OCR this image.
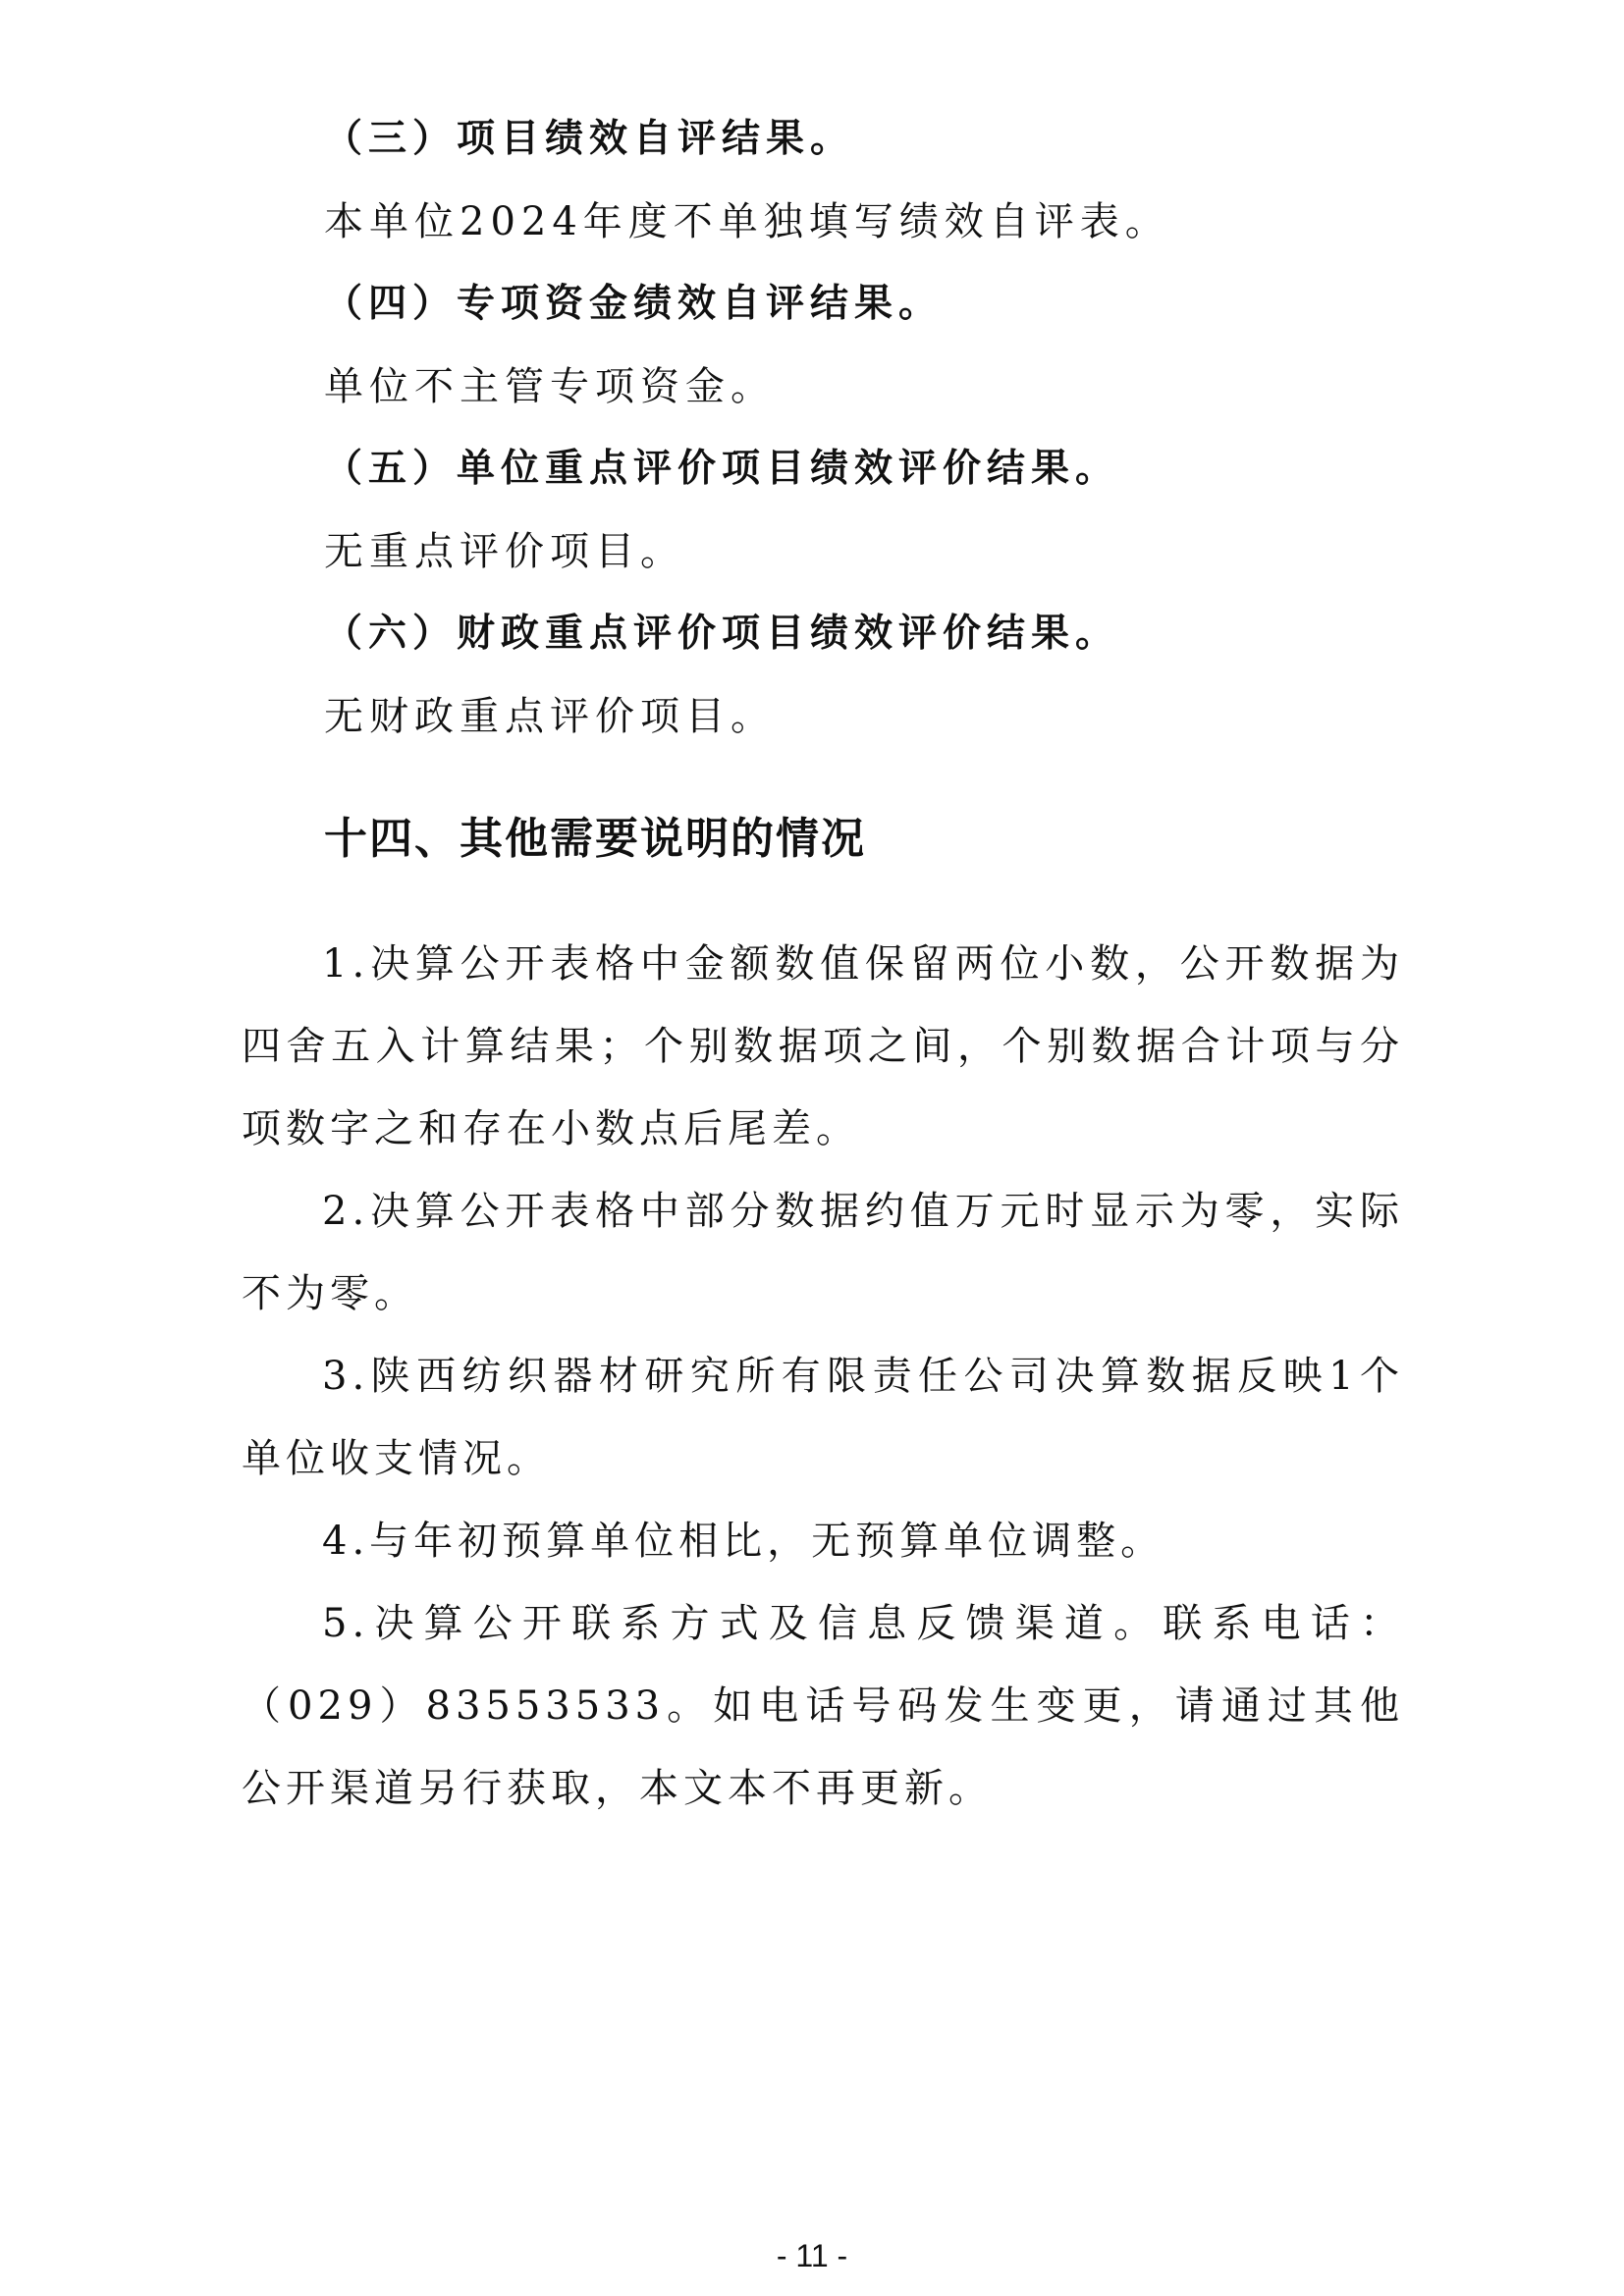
（三）项目绩效自评结果。
本单位2024年度不单独填写绩效自评表。
（四）专项资金绩效自评结果。
单位不主管专项资金。
（五）单位重点评价项目绩效评价结果。
无重点评价项目。
（六）财政重点评价项目绩效评价结果。
无财政重点评价项目。
十四、其他需要说明的情况
1.决算公开表格中金额数值保留两位小数，公开数据为四舍五入计算结果；个别数据项之间，个别数据合计项与分项数字之和存在小数点后尾差。
2.决算公开表格中部分数据约值万元时显示为零，实际不为零。
3.陕西纺织器材研究所有限责任公司决算数据反映1个单位收支情况。
4.与年初预算单位相比，无预算单位调整。
5.决算公开联系方式及信息反馈渠道。联系电话：（029）83553533。如电话号码发生变更，请通过其他公开渠道另行获取，本文本不再更新。
- 11 -
